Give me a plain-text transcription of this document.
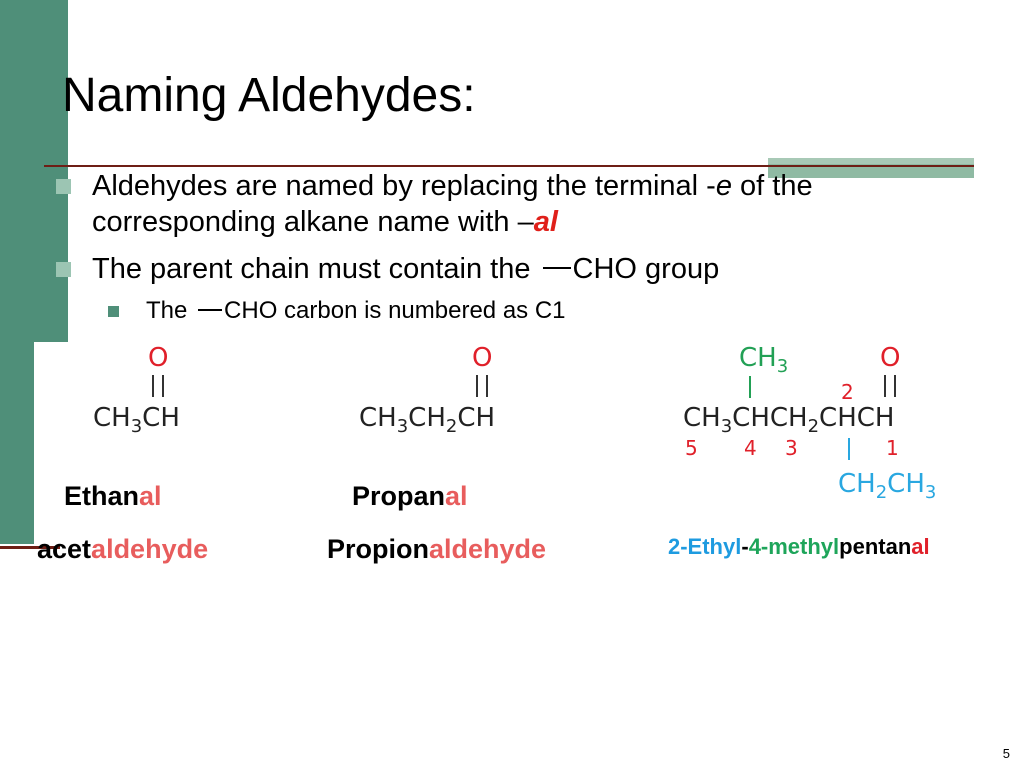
Naming Aldehydes:
Aldehydes are named by replacing the terminal -e of the
corresponding alkane name with –al
The parent chain must contain the CHO group
The CHO carbon is numbered as C1
O
$CH_3CH$
O
$CH_3CH_2CH$
$CH_3$	O
2
$CH_3CHCH_2CHCH$
5 4 3	1
$CH_2CH_3$
Ethanal
acetaldehyde
Propanal
Propionaldehyde	2-Ethyl-4-methylpentanal
5
